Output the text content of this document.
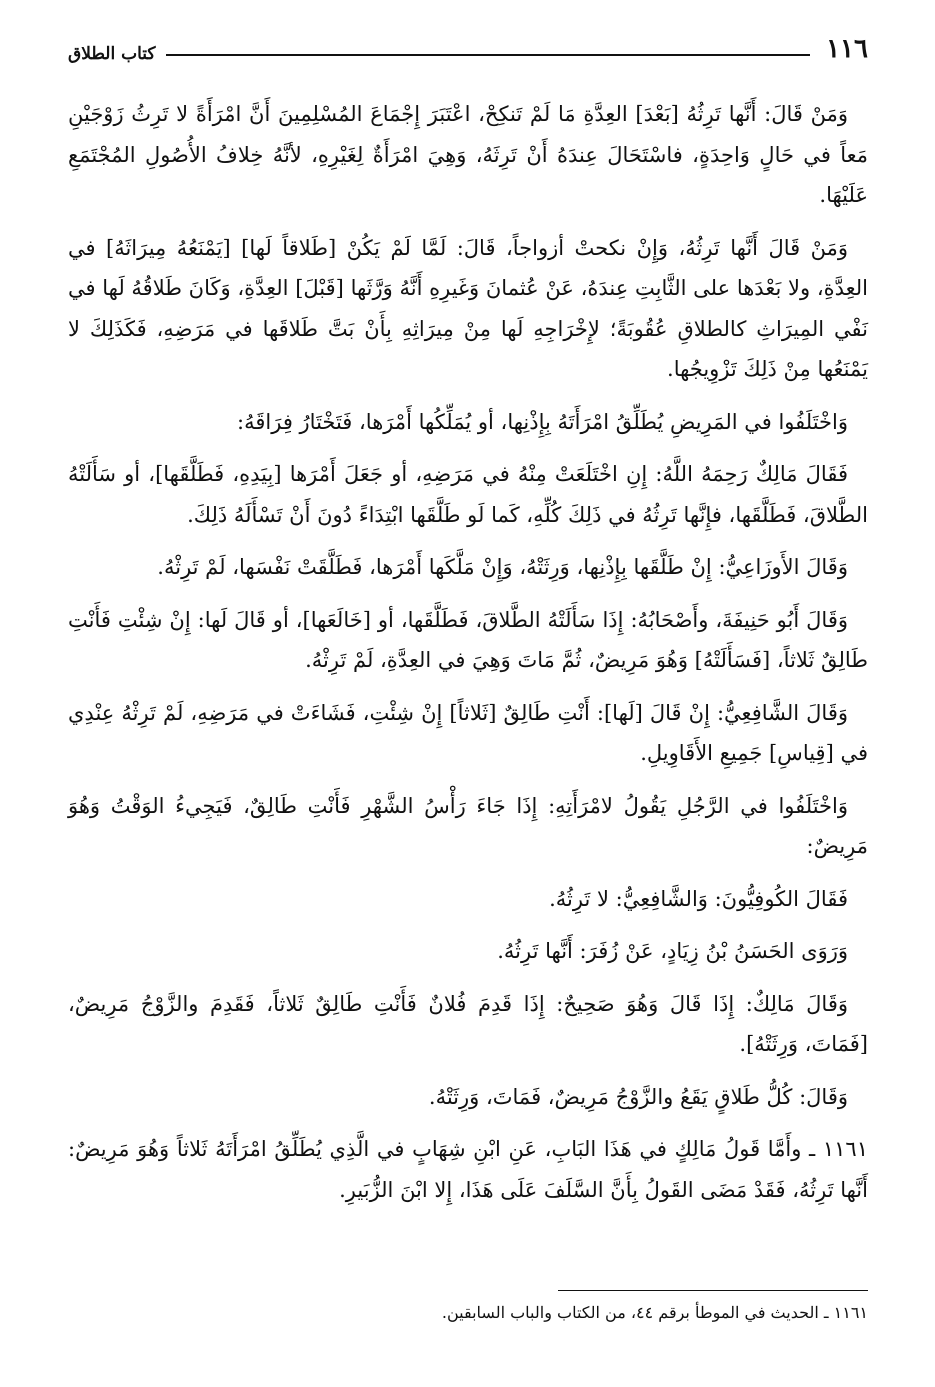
١١٦
كتاب الطلاق

وَمَنْ قَالَ: أَنَّها تَرِثُهُ [بَعْدَ] العِدَّةِ مَا لَمْ تَنكِحْ، اعْتَبَرَ إِجْمَاعَ المُسْلِمِينَ أَنَّ امْرَأَةً لا تَرِثُ زَوْجَيْنِ مَعاً في حَالٍ وَاحِدَةٍ، فاسْتَحَالَ عِندَهُ أَنْ تَرِثَهُ، وَهِيَ امْرَأَةٌ لِغَيْرِهِ، لأنَّهُ خِلافُ الأُصُولِ المُجْتَمَعِ عَلَيْهَا.

وَمَنْ قَالَ أَنَّها تَرِثُهُ، وَإِنْ نكحتْ أزواجاً، قَالَ: لَمَّا لَمْ يَكُنْ [طَلاقاً لَها] [يَمْنَعُهُ مِيرَاثَهُ] في العِدَّةِ، ولا بَعْدَها على الثَّابِتِ عِندَهُ، عَنْ عُثمانَ وَغَيرِهِ أَنَّهُ وَرَّثَها [قَبْلَ] العِدَّةِ، وَكَانَ طَلاقُهُ لَها في نَفْي المِيرَاثِ كالطلاقِ عُقُوبَةً؛ لإِخْرَاجِهِ لَها مِنْ مِيرَاثِهِ بِأَنْ بَتَّ طَلاقَها في مَرَضِهِ، فَكَذَلِكَ لا يَمْنَعُها مِنْ ذَلِكَ تَزْوِيجُها.

وَاخْتَلَفُوا في المَرِيضِ يُطَلِّقُ امْرَأَتَهُ بِإِذْنِها، أو يُمَلِّكُها أَمْرَها، فَتَخْتَارُ فِرَاقَهُ:

فَقَالَ مَالِكٌ رَحِمَهُ اللَّهُ: إِنِ اخْتَلَعَتْ مِنْهُ في مَرَضِهِ، أو جَعَلَ أَمْرَها [بِيَدِهِ، فَطَلَّقَها]، أو سَأَلَتْهُ الطَّلاقَ، فَطَلَّقَها، فإِنَّها تَرِثُهُ في ذَلِكَ كُلِّهِ، كَما لَو طَلَّقَها ابْتِدَاءً دُونَ أَنْ تَسْأَلَهُ ذَلِكَ.

وَقَالَ الأَوزَاعِيُّ: إِنْ طَلَّقَها بِإِذْنِها، وَرِثَتْهُ، وَإِنْ مَلَّكَها أَمْرَها، فَطَلَّقَتْ نَفْسَها، لَمْ تَرِثْهُ.

وَقَالَ أَبُو حَنِيفَةَ، وأَصْحَابُهُ: إِذَا سَأَلَتْهُ الطَّلاقَ، فَطَلَّقَها، أو [خَالَعَها]، أو قَالَ لَها: إِنْ شِئْتِ فَأَنْتِ طَالِقٌ ثَلاثاً، [فَسَأَلَتْهُ] وَهُوَ مَرِيضٌ، ثُمَّ مَاتَ وَهِيَ في العِدَّةِ، لَمْ تَرِثْهُ.

وَقَالَ الشَّافِعِيُّ: إِنْ قَالَ [لَها]: أَنْتِ طَالِقٌ [ثَلاثاً] إِنْ شِئْتِ، فَشَاءَتْ في مَرَضِهِ، لَمْ تَرِثْهُ عِنْدِي في [قِياسِ] جَمِيعِ الأَقَاوِيلِ.

وَاخْتَلَفُوا في الرَّجُلِ يَقُولُ لامْرَأَتِهِ: إِذَا جَاءَ رَأْسُ الشَّهْرِ فَأَنْتِ طَالِقٌ، فَيَجِيءُ الوَقْتُ وَهُوَ مَرِيضٌ:

فَقَالَ الكُوفِيُّونَ: وَالشَّافِعِيُّ: لا تَرِثُهُ.

وَرَوَى الحَسَنُ بْنُ زِيَادٍ، عَنْ زُفَرَ: أَنَّها تَرِثُهُ.

وَقَالَ مَالِكٌ: إِذَا قَالَ وَهُوَ صَحِيحٌ: إِذَا قَدِمَ فُلانٌ فَأَنْتِ طَالِقٌ ثَلاثاً، فَقَدِمَ والزَّوْجُ مَرِيضٌ، [فَمَاتَ، وَرِثَتْهُ].

وَقَالَ: كُلُّ طَلاقٍ يَقَعُ والزَّوْجُ مَرِيضٌ، فَمَاتَ، وَرِثَتْهُ.

١١٦١ ـ وأَمَّا قَولُ مَالِكٍ في هَذَا البَابِ، عَنِ ابْنِ شِهَابٍ في الَّذِي يُطَلِّقُ امْرَأَتَهُ ثَلاثاً وَهُوَ مَرِيضٌ: أَنَّها تَرِثُهُ، فَقَدْ مَضَى القَولُ بِأَنَّ السَّلَفَ عَلَى هَذَا، إِلا ابْنَ الزُّبَيرِ.

١١٦١ ـ الحديث في الموطأ برقم ٤٤، من الكتاب والباب السابقين.
